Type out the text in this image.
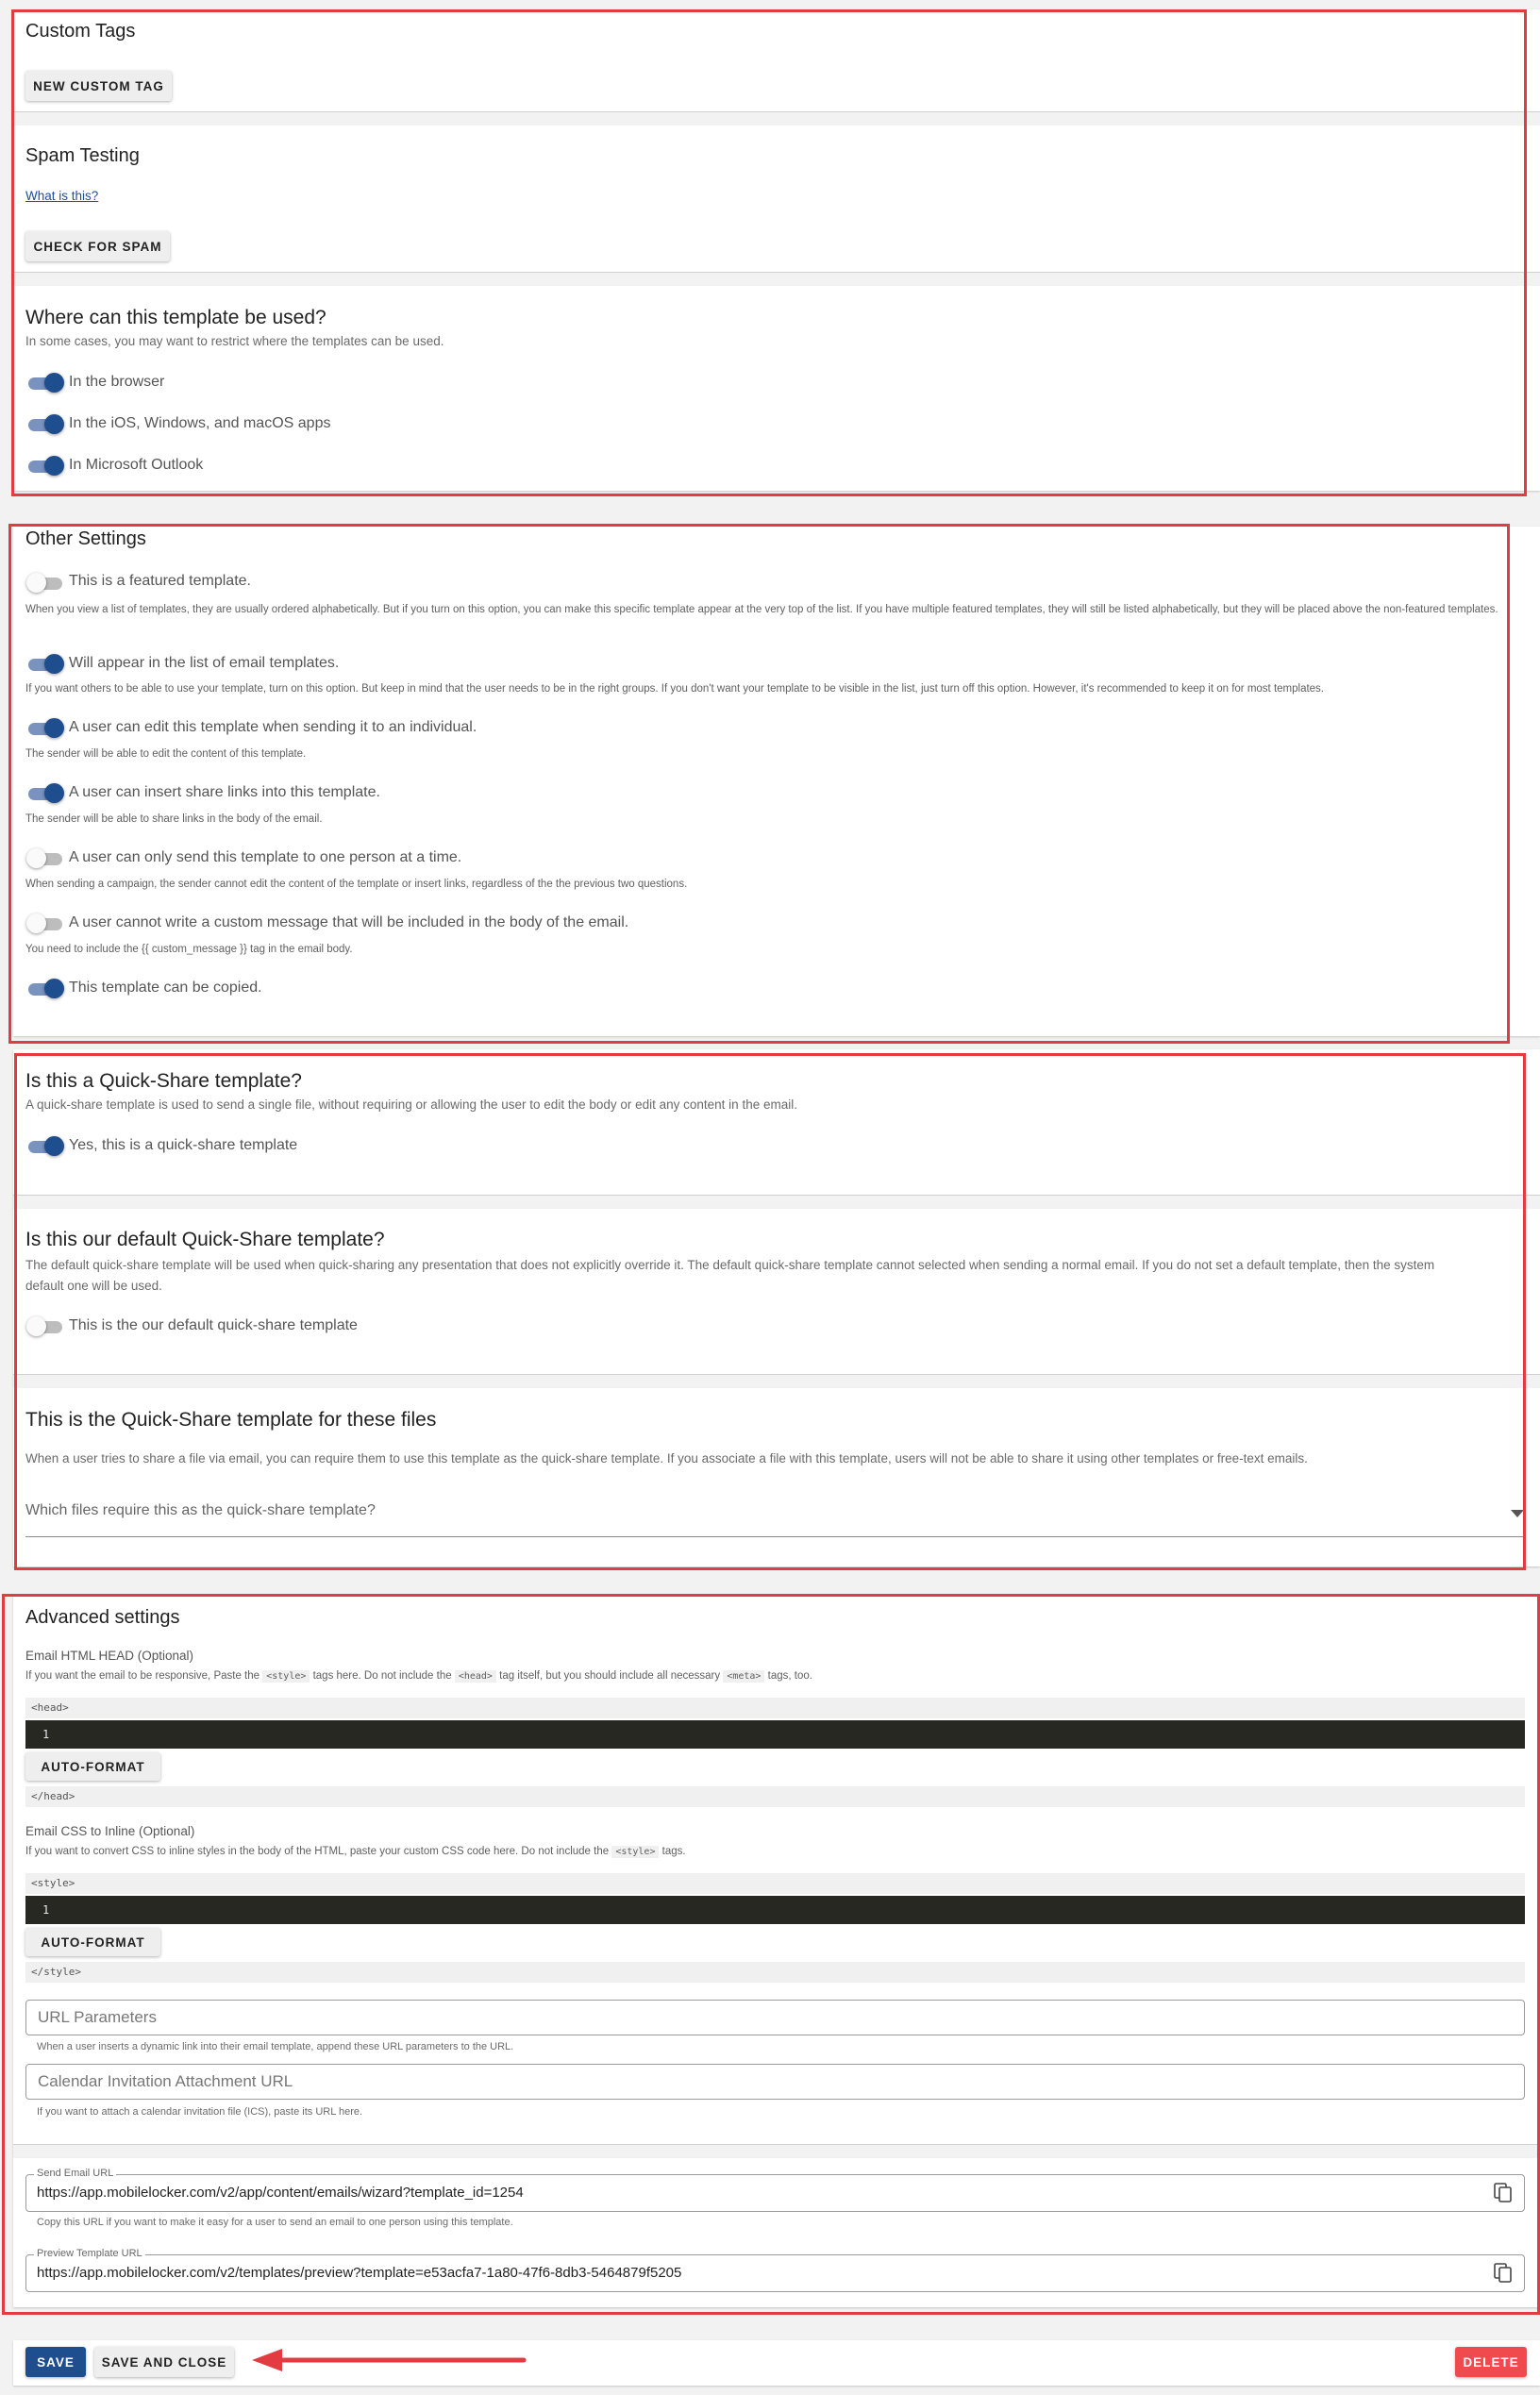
Custom Tags
NEW CUSTOM TAG
Spam Testing
What is this?
CHECK FOR SPAM
Where can this template be used?
In some cases, you may want to restrict where the templates can be used.
In the browser
In the iOS, Windows, and macOS apps
In Microsoft Outlook
Other Settings
This is a featured template.
When you view a list of templates, they are usually ordered alphabetically. But if you turn on this option, you can make this specific template appear at the very top of the list. If you have multiple featured templates, they will still be listed alphabetically, but they will be placed above the non-featured templates.
Will appear in the list of email templates.
If you want others to be able to use your template, turn on this option. But keep in mind that the user needs to be in the right groups. If you don't want your template to be visible in the list, just turn off this option. However, it's recommended to keep it on for most templates.
A user can edit this template when sending it to an individual.
The sender will be able to edit the content of this template.
A user can insert share links into this template.
The sender will be able to share links in the body of the email.
A user can only send this template to one person at a time.
When sending a campaign, the sender cannot edit the content of the template or insert links, regardless of the the previous two questions.
A user cannot write a custom message that will be included in the body of the email.
You need to include the {{ custom_message }} tag in the email body.
This template can be copied.
Is this a Quick-Share template?
A quick-share template is used to send a single file, without requiring or allowing the user to edit the body or edit any content in the email.
Yes, this is a quick-share template
Is this our default Quick-Share template?
The default quick-share template will be used when quick-sharing any presentation that does not explicitly override it. The default quick-share template cannot selected when sending a normal email. If you do not set a default template, then the system
default one will be used.
This is the our default quick-share template
This is the Quick-Share template for these files
When a user tries to share a file via email, you can require them to use this template as the quick-share template. If you associate a file with this template, users will not be able to share it using other templates or free-text emails.
Which files require this as the quick-share template?
Advanced settings
Email HTML HEAD (Optional)
If you want the email to be responsive, Paste the <style> tags here. Do not include the <head> tag itself, but you should include all necessary <meta> tags, too.
<head>
1
AUTO-FORMAT
</head>
Email CSS to Inline (Optional)
If you want to convert CSS to inline styles in the body of the HTML, paste your custom CSS code here. Do not include the <style> tags.
<style>
1
AUTO-FORMAT
</style>
URL Parameters
When a user inserts a dynamic link into their email template, append these URL parameters to the URL.
Calendar Invitation Attachment URL
If you want to attach a calendar invitation file (ICS), paste its URL here.
Send Email URL
https://app.mobilelocker.com/v2/app/content/emails/wizard?template_id=1254
Copy this URL if you want to make it easy for a user to send an email to one person using this template.
Preview Template URL
https://app.mobilelocker.com/v2/templates/preview?template=e53acfa7-1a80-47f6-8db3-5464879f5205
SAVE	SAVE AND CLOSE	DELETE
